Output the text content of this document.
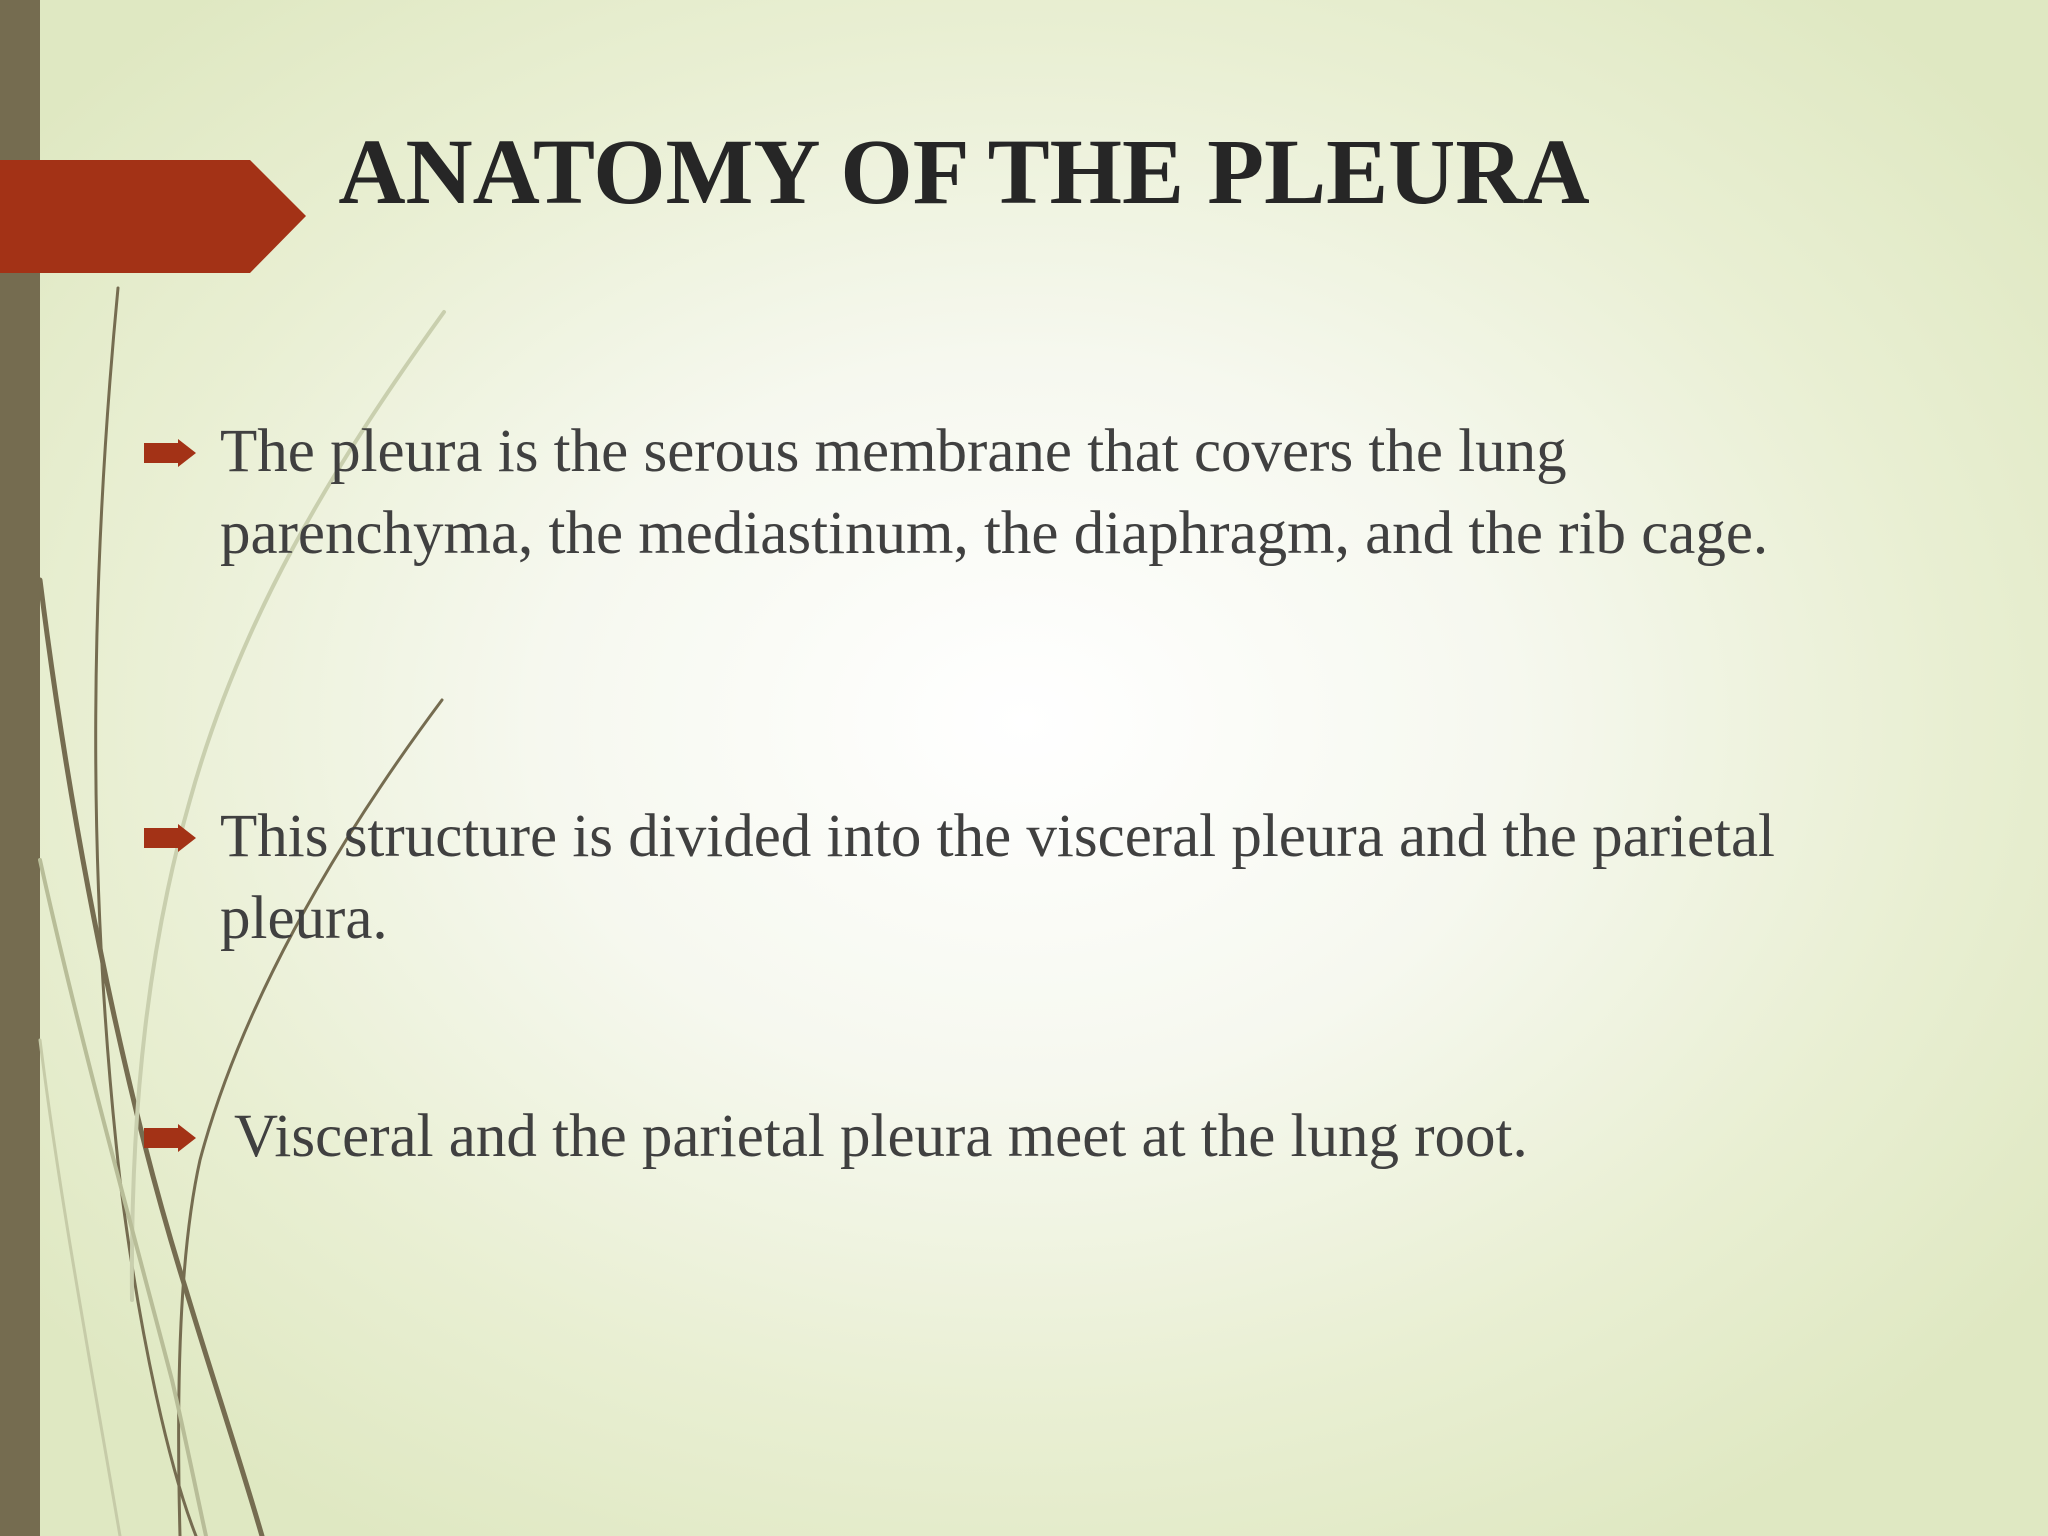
ANATOMY OF THE PLEURA
The pleura is the serous membrane that covers the lung parenchyma, the mediastinum, the diaphragm, and the rib cage.
This structure is divided into the visceral pleura and the parietal pleura.
Visceral and the parietal pleura meet at the lung root.
